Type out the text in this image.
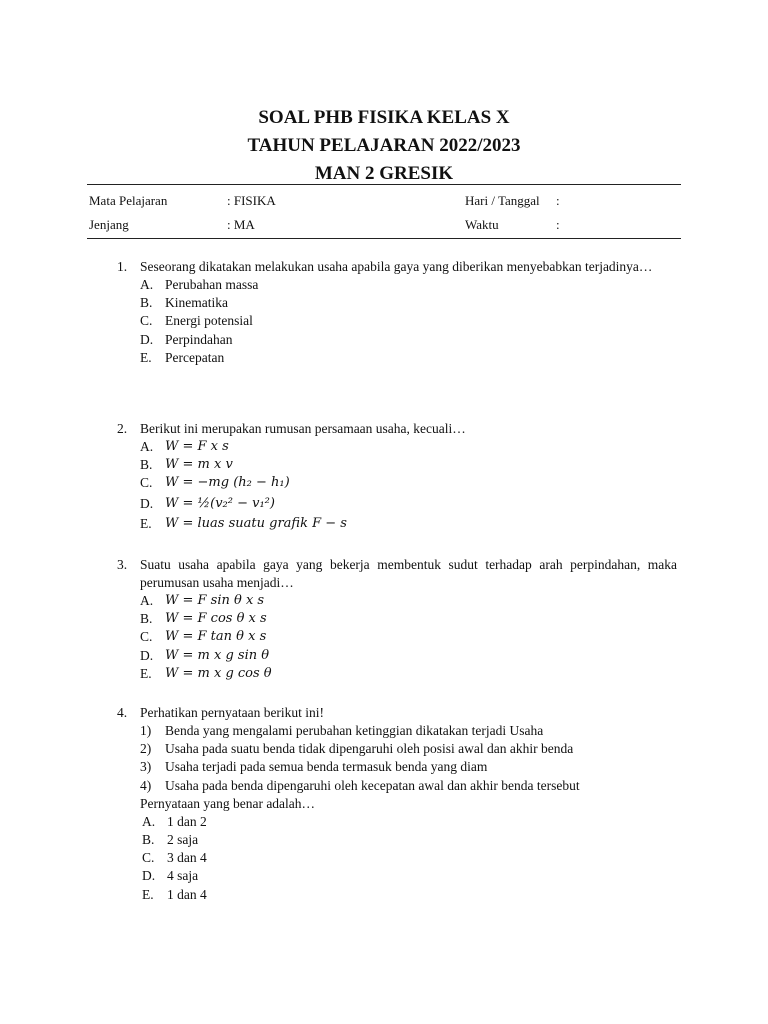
SOAL PHB FISIKA KELAS X
TAHUN PELAJARAN 2022/2023
MAN 2 GRESIK
Mata Pelajaran	: FISIKA	Hari / Tanggal :
Jenjang	: MA	Waktu	:
1. Seseorang dikatakan melakukan usaha apabila gaya yang diberikan menyebabkan terjadinya…
A. Perubahan massa
B. Kinematika
C. Energi potensial
D. Perpindahan
E. Percepatan
2. Berikut ini merupakan rumusan persamaan usaha, kecuali…
A. W = F x s
B. W = m x v
C. W = −mg (h₂ − h₁)
D. W = ½(v₂² − v₁²)
E. W = luas suatu grafik F − s
3. Suatu usaha apabila gaya yang bekerja membentuk sudut terhadap arah perpindahan, maka perumusan usaha menjadi…
A. W = F sin θ x s
B. W = F cos θ x s
C. W = F tan θ x s
D. W = m x g sin θ
E. W = m x g cos θ
4. Perhatikan pernyataan berikut ini!
1) Benda yang mengalami perubahan ketinggian dikatakan terjadi Usaha
2) Usaha pada suatu benda tidak dipengaruhi oleh posisi awal dan akhir benda
3) Usaha terjadi pada semua benda termasuk benda yang diam
4) Usaha pada benda dipengaruhi oleh kecepatan awal dan akhir benda tersebut
Pernyataan yang benar adalah…
A. 1 dan 2
B. 2 saja
C. 3 dan 4
D. 4 saja
E. 1 dan 4
